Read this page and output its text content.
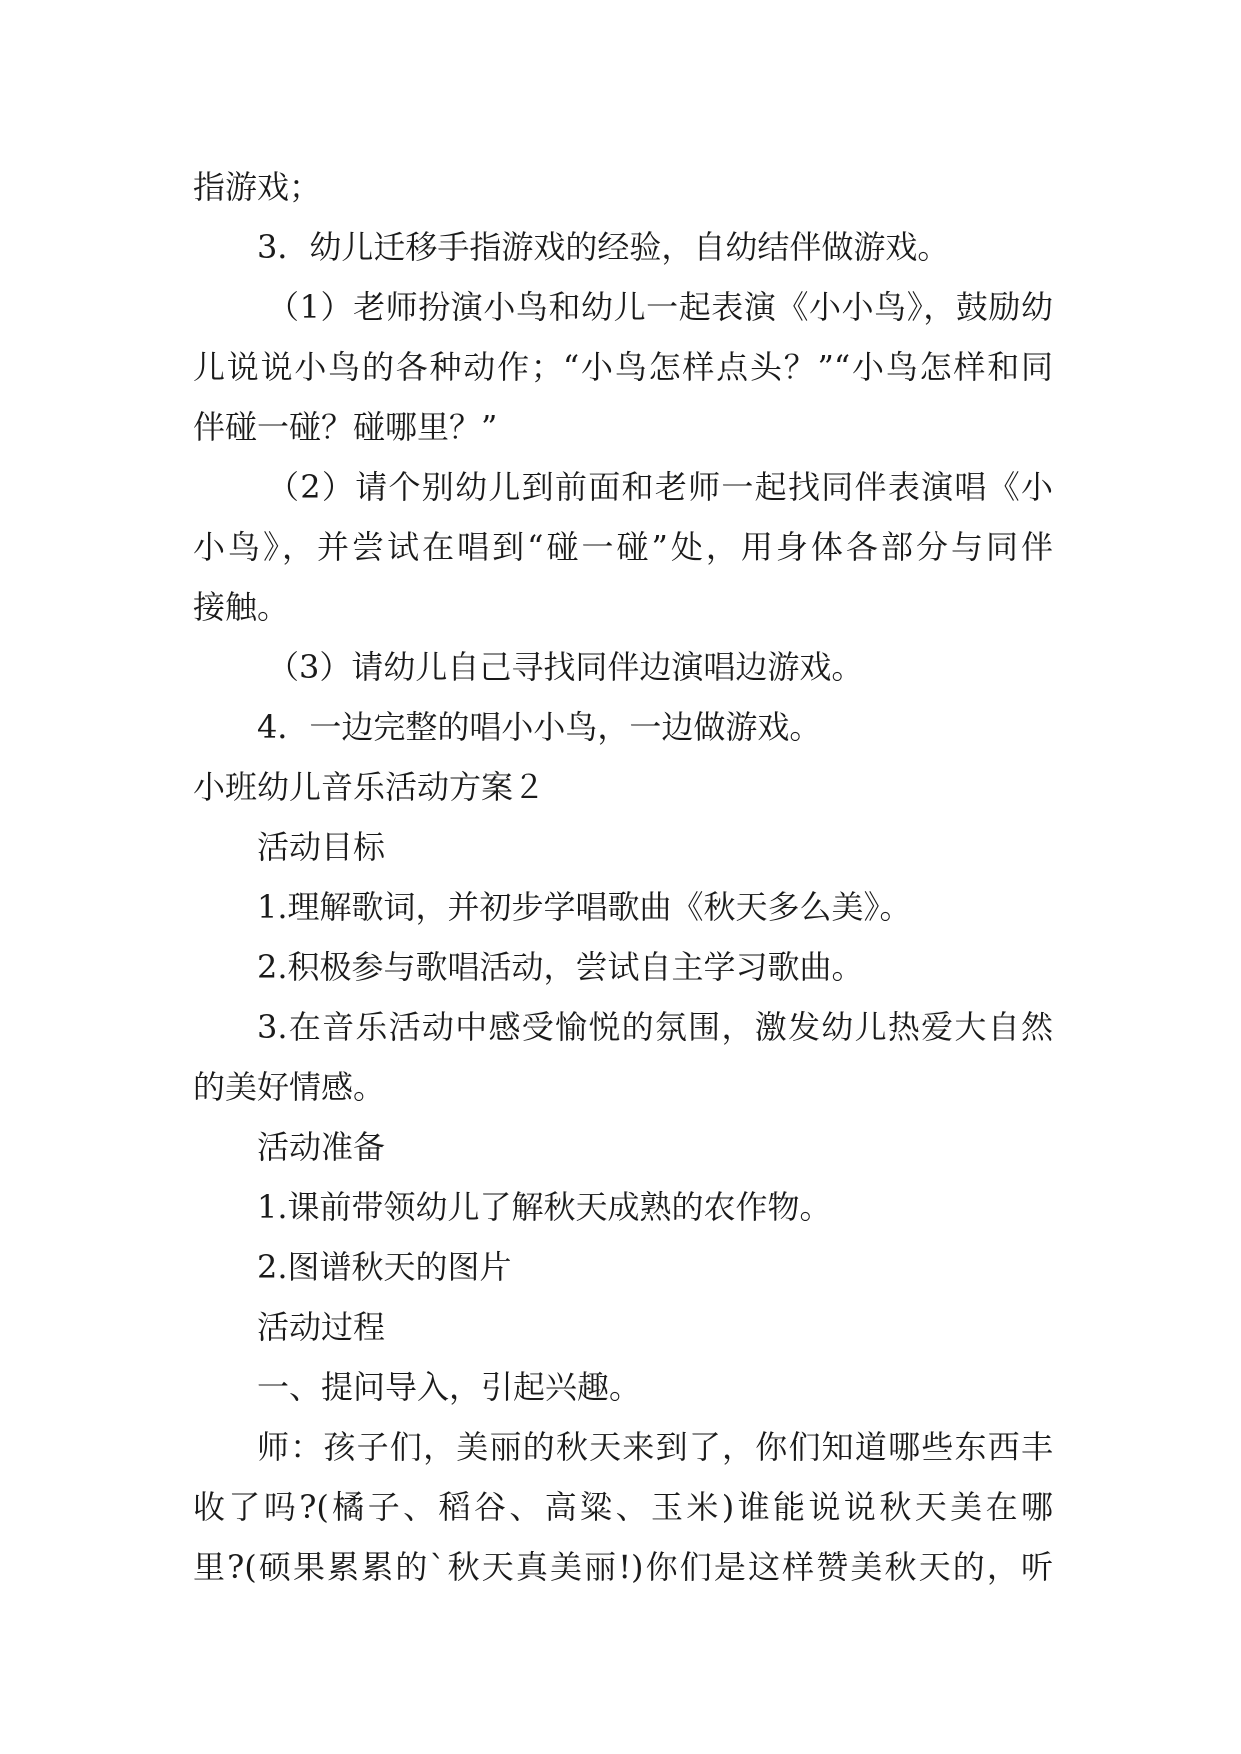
指游戏；
3．幼儿迁移手指游戏的经验，自幼结伴做游戏。
（1）老师扮演小鸟和幼儿一起表演《小小鸟》，鼓励幼
儿说说小鸟的各种动作；“小鸟怎样点头？”“小鸟怎样和同
伴碰一碰？碰哪里？”
（2）请个别幼儿到前面和老师一起找同伴表演唱《小
小鸟》，并尝试在唱到“碰一碰”处，用身体各部分与同伴
接触。
（3）请幼儿自己寻找同伴边演唱边游戏。
4．一边完整的唱小小鸟，一边做游戏。
小班幼儿音乐活动方案２
活动目标
1.理解歌词，并初步学唱歌曲《秋天多么美》。
2.积极参与歌唱活动，尝试自主学习歌曲。
3.在音乐活动中感受愉悦的氛围，激发幼儿热爱大自然
的美好情感。
活动准备
1.课前带领幼儿了解秋天成熟的农作物。
2.图谱秋天的图片
活动过程
一、提问导入，引起兴趣。
师：孩子们，美丽的秋天来到了，你们知道哪些东西丰
收了吗?(橘子、稻谷、高粱、玉米)谁能说说秋天美在哪
里?(硕果累累的`秋天真美丽!)你们是这样赞美秋天的，听
